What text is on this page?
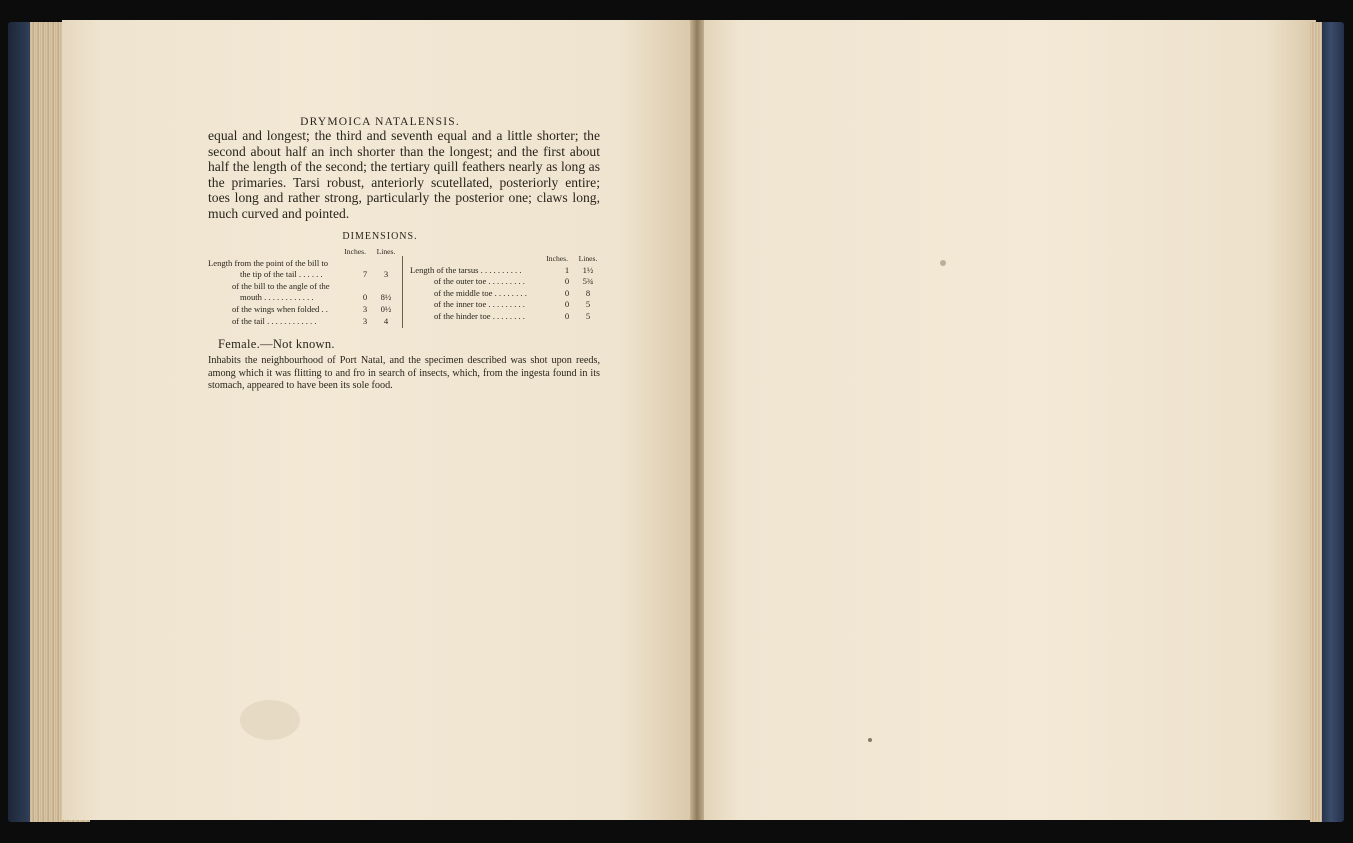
DRYMOICA NATALENSIS.
equal and longest; the third and seventh equal and a little shorter; the second about half an inch shorter than the longest; and the first about half the length of the second; the tertiary quill feathers nearly as long as the primaries. Tarsi robust, anteriorly scutellated, posteriorly entire; toes long and rather strong, particularly the posterior one; claws long, much curved and pointed.
DIMENSIONS.
Inches.	Lines.
Length from the point of the bill to
the tip of the tail . . . . . .	7	3
of the bill to the angle of the
mouth . . . . . . . . . . . .	0	8½
of the wings when folded . .	3	0½
of the tail . . . . . . . . . . . .	3	4
Inches.	Lines.
Length of the tarsus . . . . . . . . . .	1	1½
of the outer toe . . . . . . . . .	0	5¾
of the middle toe . . . . . . . .	0	8
of the inner toe . . . . . . . . .	0	5
of the hinder toe . . . . . . . .	0	5
Female.—Not known.
Inhabits the neighbourhood of Port Natal, and the specimen described was shot upon reeds, among which it was flitting to and fro in search of insects, which, from the ingesta found in its stomach, appeared to have been its sole food.
